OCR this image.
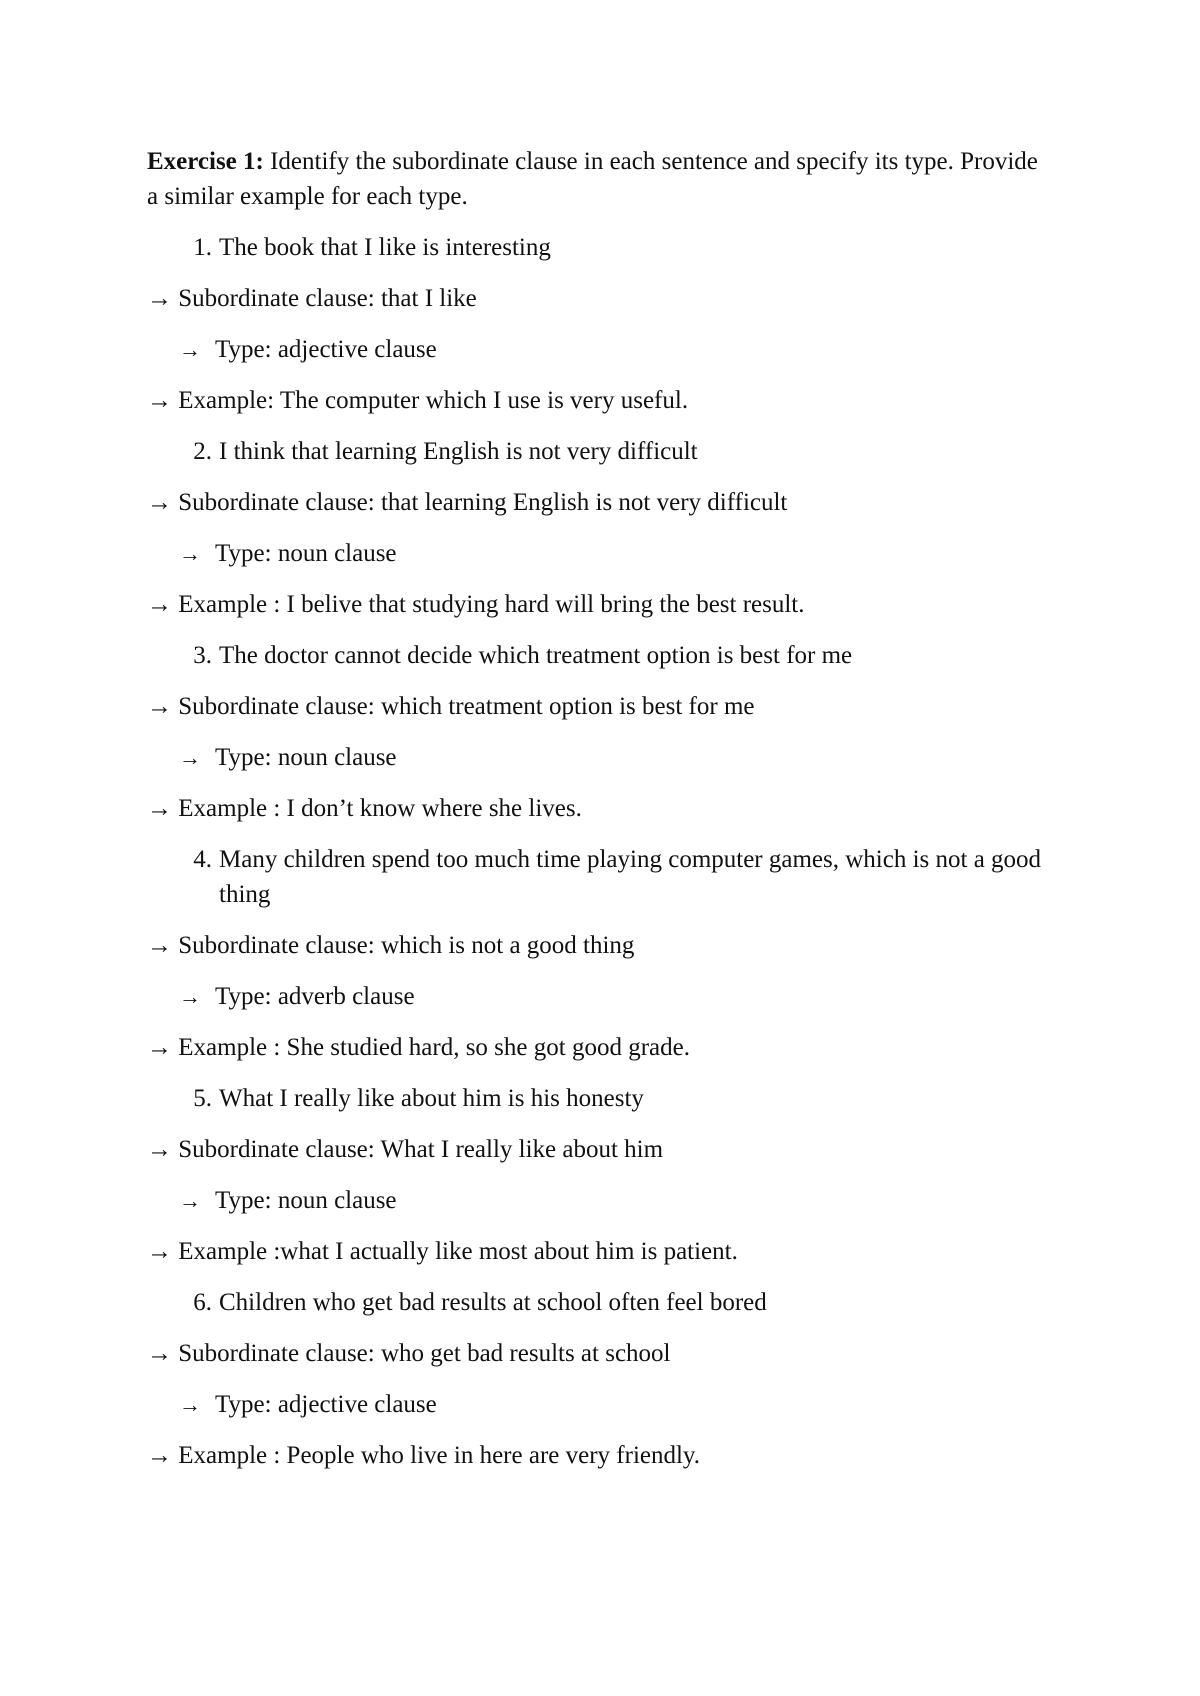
Exercise 1: Identify the subordinate clause in each sentence and specify its type. Provide a similar example for each type.

1. The book that I like is interesting

→ Subordinate clause: that I like

→ Type: adjective clause

→ Example: The computer which I use is very useful.

2. I think that learning English is not very difficult

→ Subordinate clause: that learning English is not very difficult

→ Type: noun clause

→ Example : I belive that studying hard will bring the best result.

3. The doctor cannot decide which treatment option is best for me

→ Subordinate clause: which treatment option is best for me

→ Type: noun clause

→ Example : I don’t know where she lives.

4. Many children spend too much time playing computer games, which is not a good thing

→ Subordinate clause: which is not a good thing

→ Type: adverb clause

→ Example : She studied hard, so she got good grade.

5. What I really like about him is his honesty

→ Subordinate clause: What I really like about him

→ Type: noun clause

→ Example :what I actually like most about him is patient.

6. Children who get bad results at school often feel bored

→ Subordinate clause: who get bad results at school

→ Type: adjective clause

→ Example : People who live in here are very friendly.
